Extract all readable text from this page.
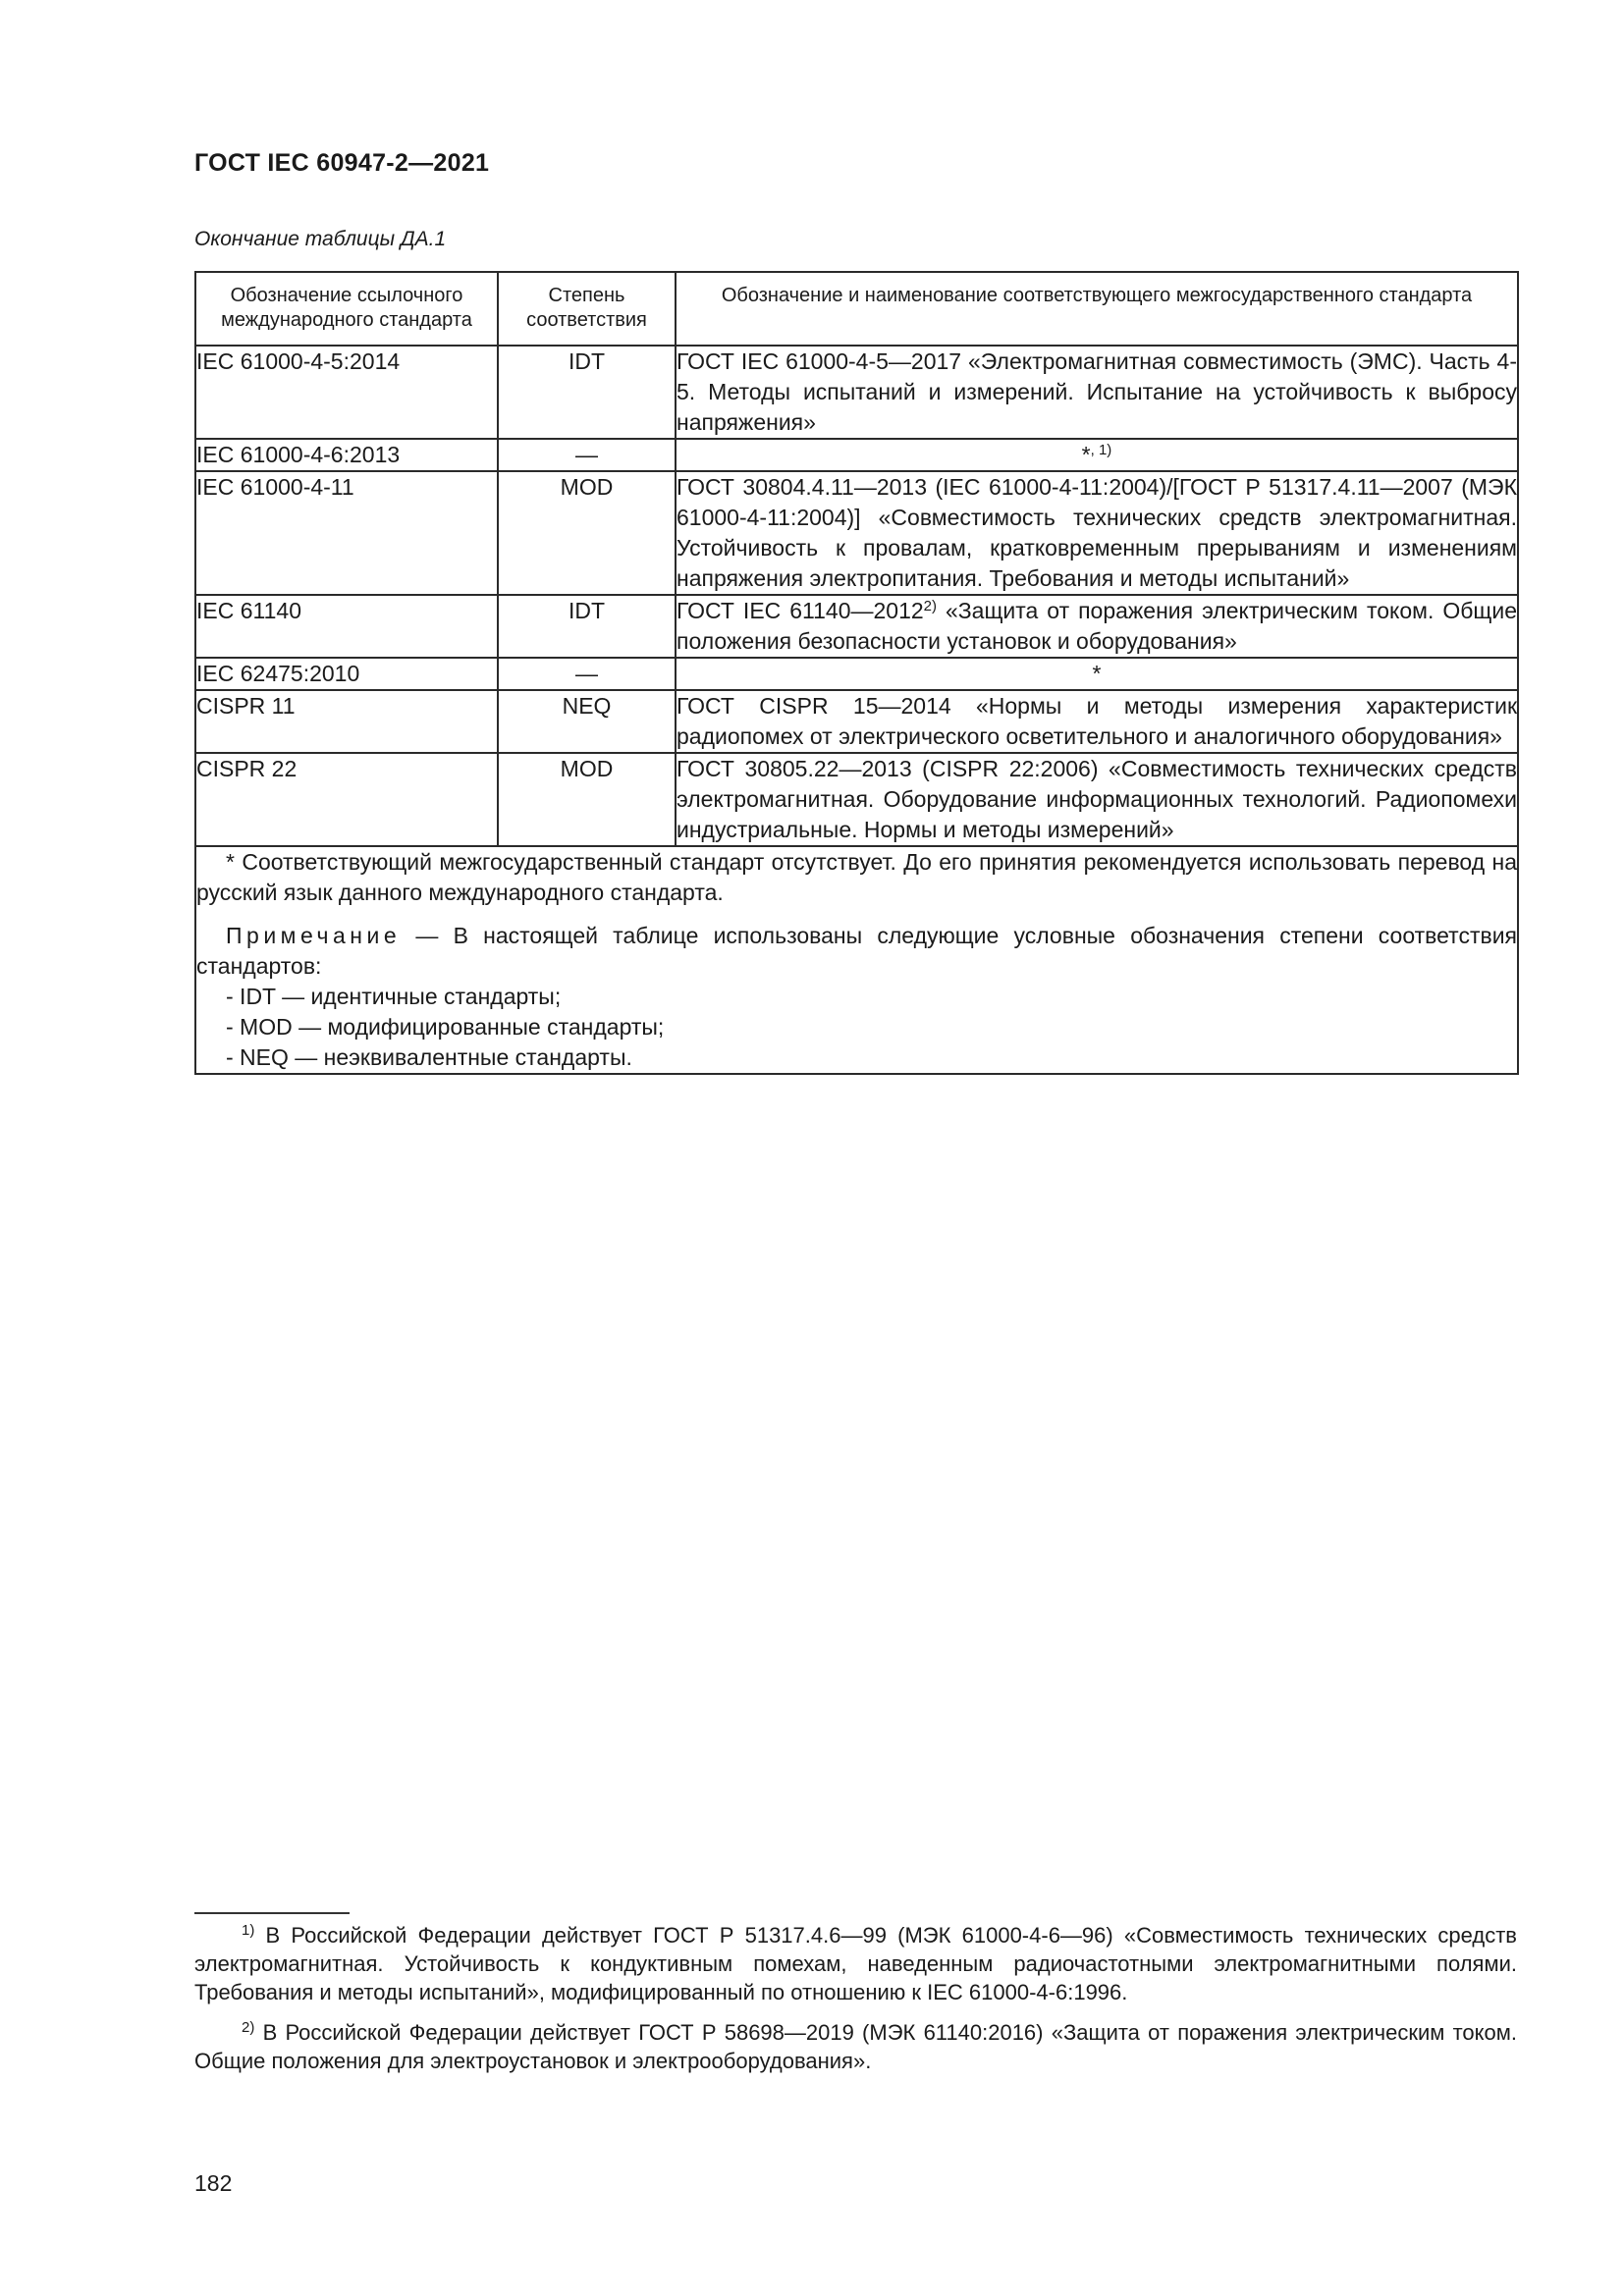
ГОСТ IEC 60947-2—2021
Окончание таблицы ДА.1
Обозначение ссылочного международного стандарта	Степень соответствия	Обозначение и наименование соответствующего межгосударственного стандарта
IEC 61000-4-5:2014	IDT	ГОСТ IEC 61000-4-5—2017 «Электромагнитная совместимость (ЭМС). Часть 4-5. Методы испытаний и измерений. Испытание на устойчивость к выбросу напряжения»
IEC 61000-4-6:2013	—	*$^{, 1)}$
IEC 61000-4-11	MOD	ГОСТ 30804.4.11—2013 (IEC 61000-4-11:2004)/[ГОСТ Р 51317.4.11—2007 (МЭК 61000-4-11:2004)] «Совместимость технических средств электромагнитная. Устойчивость к провалам, кратковременным прерываниям и изменениям напряжения электропитания. Требования и методы испытаний»
IEC 61140	IDT	ГОСТ IEC 61140—2012$^{2)}$ «Защита от поражения электрическим током. Общие положения безопасности установок и оборудования»
IEC 62475:2010	—	*
CISPR 11	NEQ	ГОСТ CISPR 15—2014 «Нормы и методы измерения характеристик радиопомех от электрического осветительного и аналогичного оборудования»
CISPR 22	MOD	ГОСТ 30805.22—2013 (CISPR 22:2006) «Совместимость технических средств электромагнитная. Оборудование информационных технологий. Радиопомехи индустриальные. Нормы и методы измерений»

* Соответствующий межгосударственный стандарт отсутствует. До его принятия рекомендуется использовать перевод на русский язык данного международного стандарта.

Примечание — В настоящей таблице использованы следующие условные обозначения степени соответствия стандартов:

- IDT — идентичные стандарты;

- MOD — модифицированные стандарты;

- NEQ — неэквивалентные стандарты.		

$^{1)}$ В Российской Федерации действует ГОСТ Р 51317.4.6—99 (МЭК 61000-4-6—96) «Совместимость технических средств электромагнитная. Устойчивость к кондуктивным помехам, наведенным радиочастотными электромагнитными полями. Требования и методы испытаний», модифицированный по отношению к IEC 61000-4-6:1996.

$^{2)}$ В Российской Федерации действует ГОСТ Р 58698—2019 (МЭК 61140:2016) «Защита от поражения электрическим током. Общие положения для электроустановок и электрооборудования».

182
